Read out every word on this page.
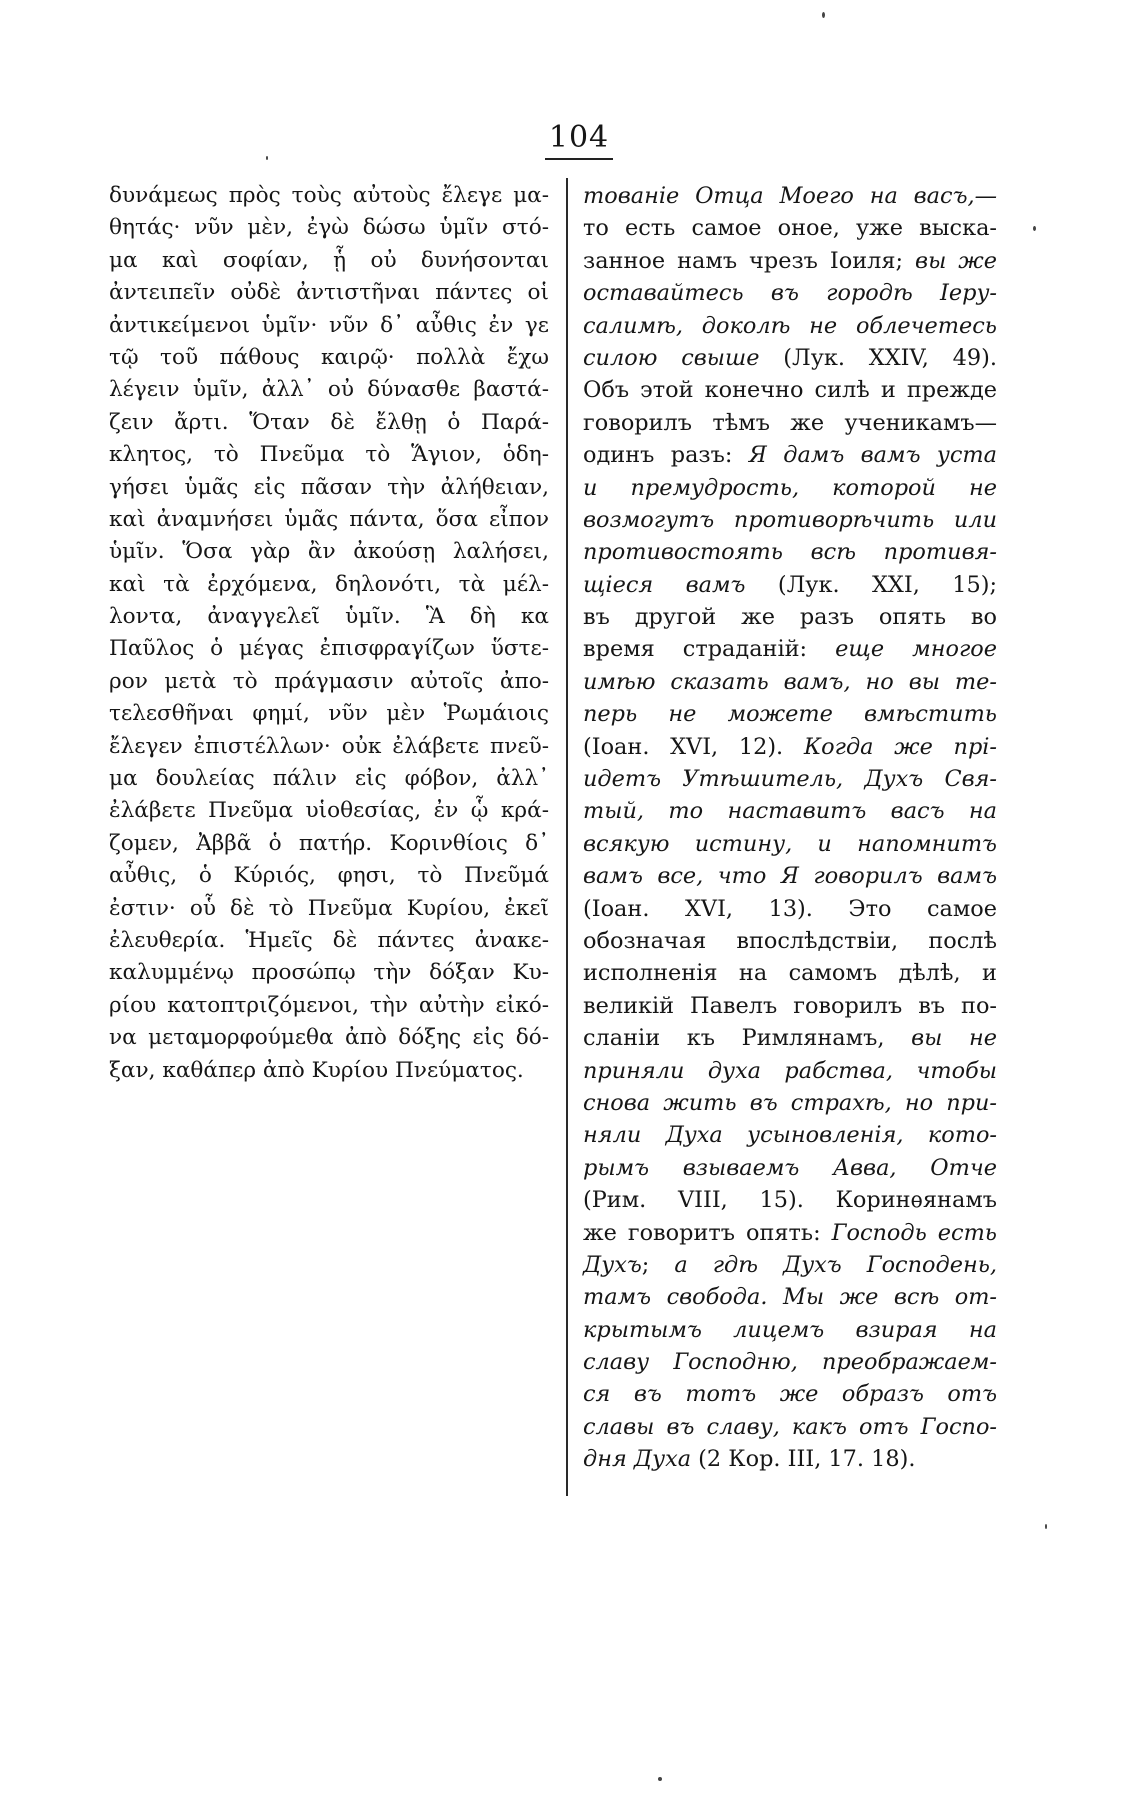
104
δυνάμεως πρὸς τοὺς αὐτοὺς ἔλεγε μα-
θητάς· νῦν μὲν, ἐγὼ δώσω ὑμῖν στό-
μα καὶ σοφίαν, ᾗ οὐ δυνήσονται
ἀντειπεῖν οὐδὲ ἀντιστῆναι πάντες οἱ
ἀντικείμενοι ὑμῖν· νῦν δ᾽ αὖθις ἐν γε
τῷ τοῦ πάθους καιρῷ· πολλὰ ἔχω
λέγειν ὑμῖν, ἀλλ᾽ οὐ δύνασθε βαστά-
ζειν ἄρτι. Ὅταν δὲ ἔλθῃ ὁ Παρά-
κλητος, τὸ Πνεῦμα τὸ Ἅγιον, ὁδη-
γήσει ὑμᾶς εἰς πᾶσαν τὴν ἀλήθειαν,
καὶ ἀναμνήσει ὑμᾶς πάντα, ὅσα εἶπον
ὑμῖν. Ὅσα γὰρ ἂν ἀκούσῃ λαλήσει,
καὶ τὰ ἐρχόμενα, δηλονότι, τὰ μέλ-
λοντα, ἀναγγελεῖ ὑμῖν. Ἃ δὴ κα
Παῦλος ὁ μέγας ἐπισφραγίζων ὕστε-
ρον μετὰ τὸ πράγμασιν αὐτοῖς ἀπο-
τελεσθῆναι φημί, νῦν μὲν Ῥωμάιοις
ἔλεγεν ἐπιστέλλων· οὐκ ἐλάβετε πνεῦ-
μα δουλείας πάλιν εἰς φόβον, ἀλλ᾽
ἐλάβετε Πνεῦμα υἱοθεσίας, ἐν ᾧ κρά-
ζομεν, Ἀββᾶ ὁ πατήρ. Κορινθίοις δ᾽
αὖθις, ὁ Κύριός, φησι, τὸ Πνεῦμά
ἐστιν· οὗ δὲ τὸ Πνεῦμα Κυρίου, ἐκεῖ
ἐλευθερία. Ἡμεῖς δὲ πάντες ἀνακε-
καλυμμένῳ προσώπῳ τὴν δόξαν Κυ-
ρίου κατοπτριζόμενοι, τὴν αὐτὴν εἰκό-
να μεταμορφούμεθα ἀπὸ δόξης εἰς δό-
ξαν, καθάπερ ἀπὸ Κυρίου Πνεύματος.
тованіе Отца Моего на васъ,—
то есть самое оное, уже выска-
занное намъ чрезъ Іоиля; вы же
оставайтесь въ городѣ Іеру-
салимѣ, доколѣ не облечетесь
силою свыше (Лук. XXIV, 49).
Объ этой конечно силѣ и прежде
говорилъ тѣмъ же ученикамъ—
одинъ разъ: Я дамъ вамъ уста
и премудрость, которой не
возмогутъ противорѣчить или
противостоять всѣ противя-
щіеся вамъ (Лук. XXI, 15);
въ другой же разъ опять во
время страданій: еще многое
имѣю сказать вамъ, но вы те-
перь не можете вмѣстить
(Іоан. XVI, 12). Когда же прі-
идетъ Утѣшитель, Духъ Свя-
тый, то наставитъ васъ на
всякую истину, и напомнитъ
вамъ все, что Я говорилъ вамъ
(Іоан. XVI, 13). Это самое
обозначая впослѣдствіи, послѣ
исполненія на самомъ дѣлѣ, и
великій Павелъ говорилъ въ по-
сланіи къ Римлянамъ, вы не
приняли духа рабства, чтобы
снова жить въ страхѣ, но при-
няли Духа усыновленія, кото-
рымъ взываемъ Авва, Отче
(Рим. VIII, 15). Коринѳянамъ
же говоритъ опять: Господь есть
Духъ; а гдѣ Духъ Господень,
тамъ свобода. Мы же всѣ от-
крытымъ лицемъ взирая на
славу Господню, преображаем-
ся въ тотъ же образъ отъ
славы въ славу, какъ отъ Госпо-
дня Духа (2 Кор. III, 17. 18).
